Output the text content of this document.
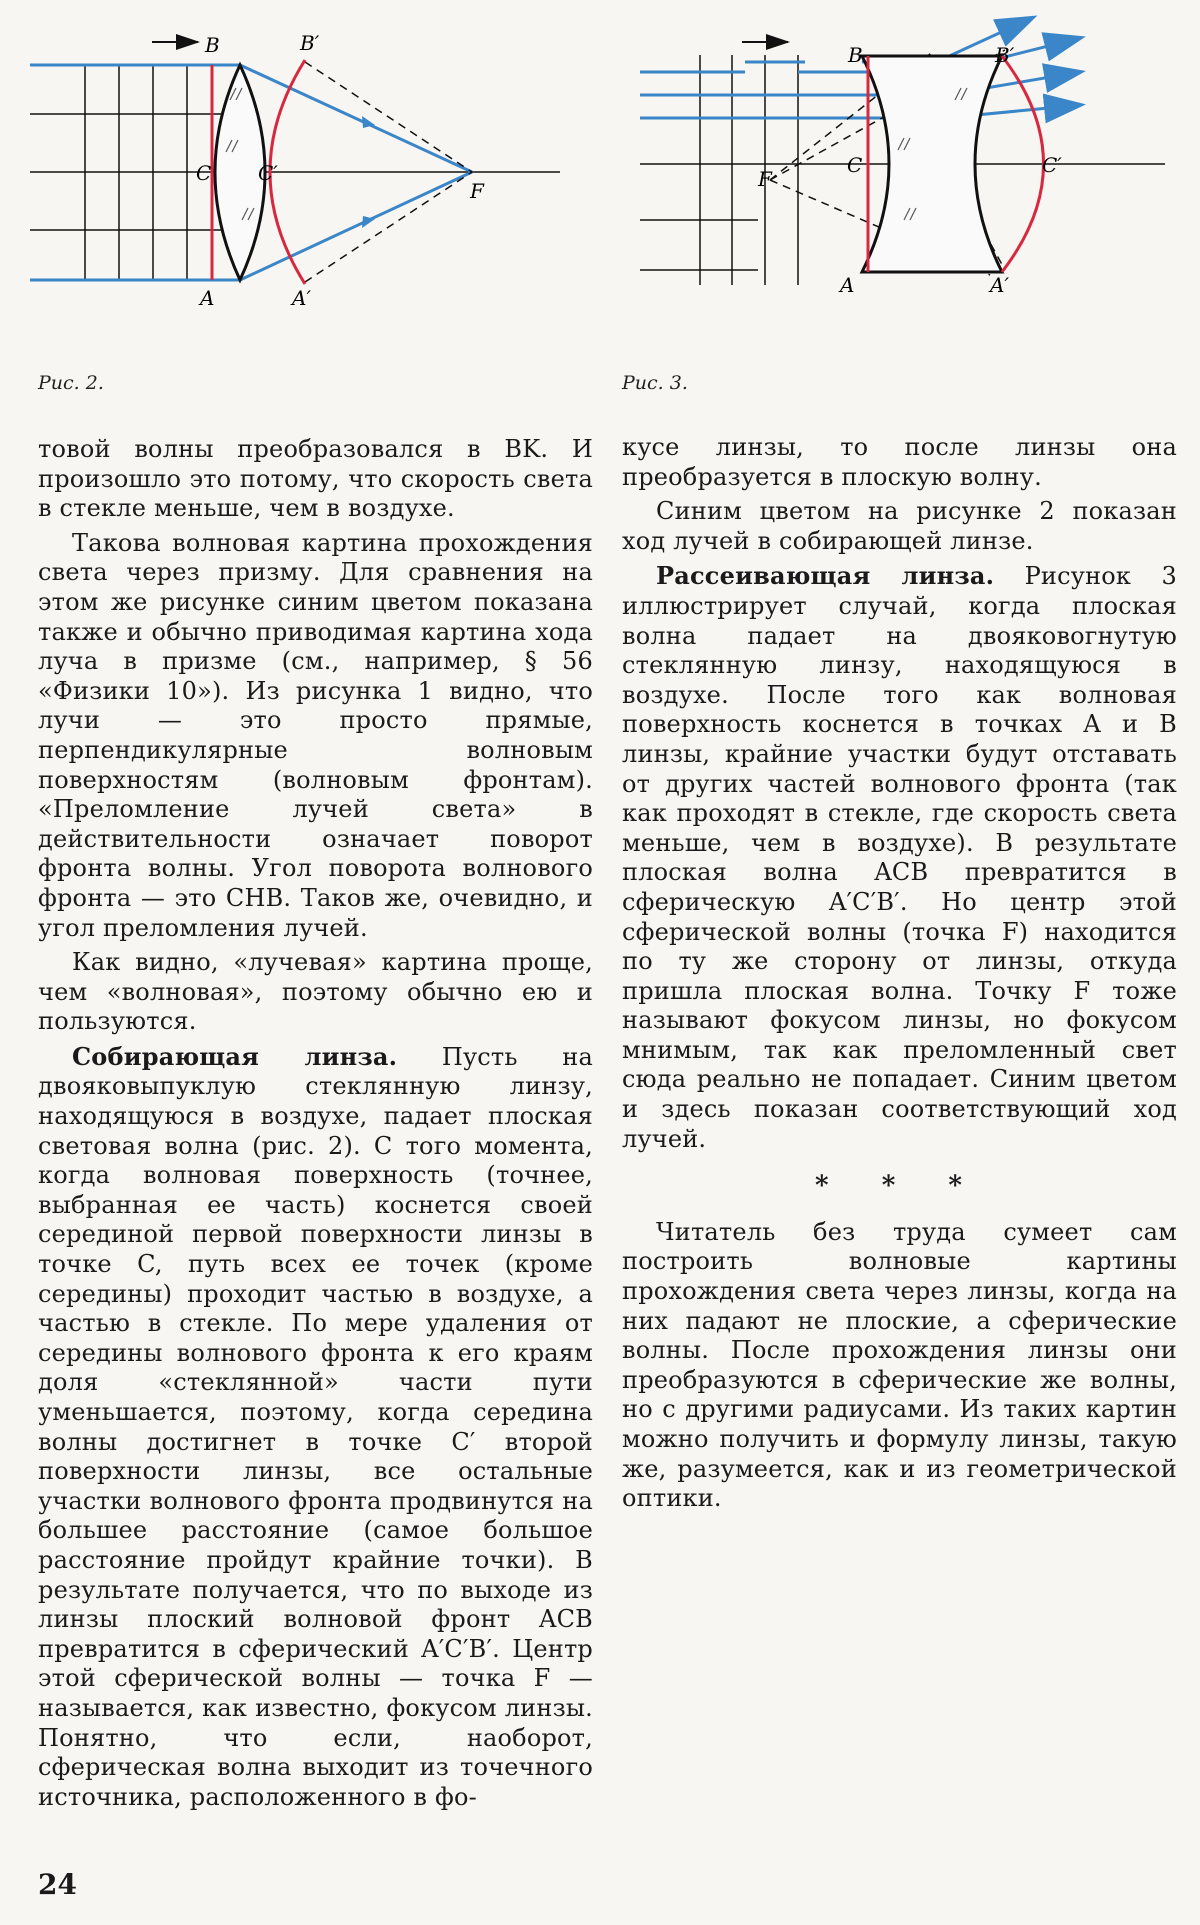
B	B′
C C′
A	A′
F
Рис. 2.
B	B′
C	C′
F
A	A′
Рис. 3.

товой волны преобразовался в BK. И произошло это потому, что скорость света в стекле меньше, чем в воздухе.

Такова волновая картина прохождения света через призму. Для сравнения на этом же рисунке синим цветом показана также и обычно приводимая картина хода луча в призме (см., например, § 56 «Физики 10»). Из рисунка 1 видно, что лучи — это просто прямые, перпендикулярные волновым поверхностям (волновым фронтам). «Преломление лучей света» в действительности означает поворот фронта волны. Угол поворота волнового фронта — это CHB. Таков же, очевидно, и угол преломления лучей.

Как видно, «лучевая» картина проще, чем «волновая», поэтому обычно ею и пользуются.

Собирающая линза. Пусть на двояковыпуклую стеклянную линзу, находящуюся в воздухе, падает плоская световая волна (рис. 2). С того момента, когда волновая поверхность (точнее, выбранная ее часть) коснется своей серединой первой поверхности линзы в точке C, путь всех ее точек (кроме середины) проходит частью в воздухе, а частью в стекле. По мере удаления от середины волнового фронта к его краям доля «стеклянной» части пути уменьшается, поэтому, когда середина волны достигнет в точке C′ второй поверхности линзы, все остальные участки волнового фронта продвинутся на большее расстояние (самое большое расстояние пройдут крайние точки). В результате получается, что по выходе из линзы плоский волновой фронт ACB превратится в сферический A′C′B′. Центр этой сферической волны — точка F — называется, как известно, фокусом линзы. Понятно, что если, наоборот, сферическая волна выходит из точечного источника, расположенного в фо-

кусе линзы, то после линзы она преобразуется в плоскую волну.

Синим цветом на рисунке 2 показан ход лучей в собирающей линзе.

Рассеивающая линза. Рисунок 3 иллюстрирует случай, когда плоская волна падает на двояковогнутую стеклянную линзу, находящуюся в воздухе. После того как волновая поверхность коснется в точках A и B линзы, крайние участки будут отставать от других частей волнового фронта (так как проходят в стекле, где скорость света меньше, чем в воздухе). В результате плоская волна ACB превратится в сферическую A′C′B′. Но центр этой сферической волны (точка F) находится по ту же сторону от линзы, откуда пришла плоская волна. Точку F тоже называют фокусом линзы, но фокусом мнимым, так как преломленный свет сюда реально не попадает. Синим цветом и здесь показан соответствующий ход лучей.

* * *

Читатель без труда сумеет сам построить волновые картины прохождения света через линзы, когда на них падают не плоские, а сферические волны. После прохождения линзы они преобразуются в сферические же волны, но с другими радиусами. Из таких картин можно получить и формулу линзы, такую же, разумеется, как и из геометрической оптики.

24
